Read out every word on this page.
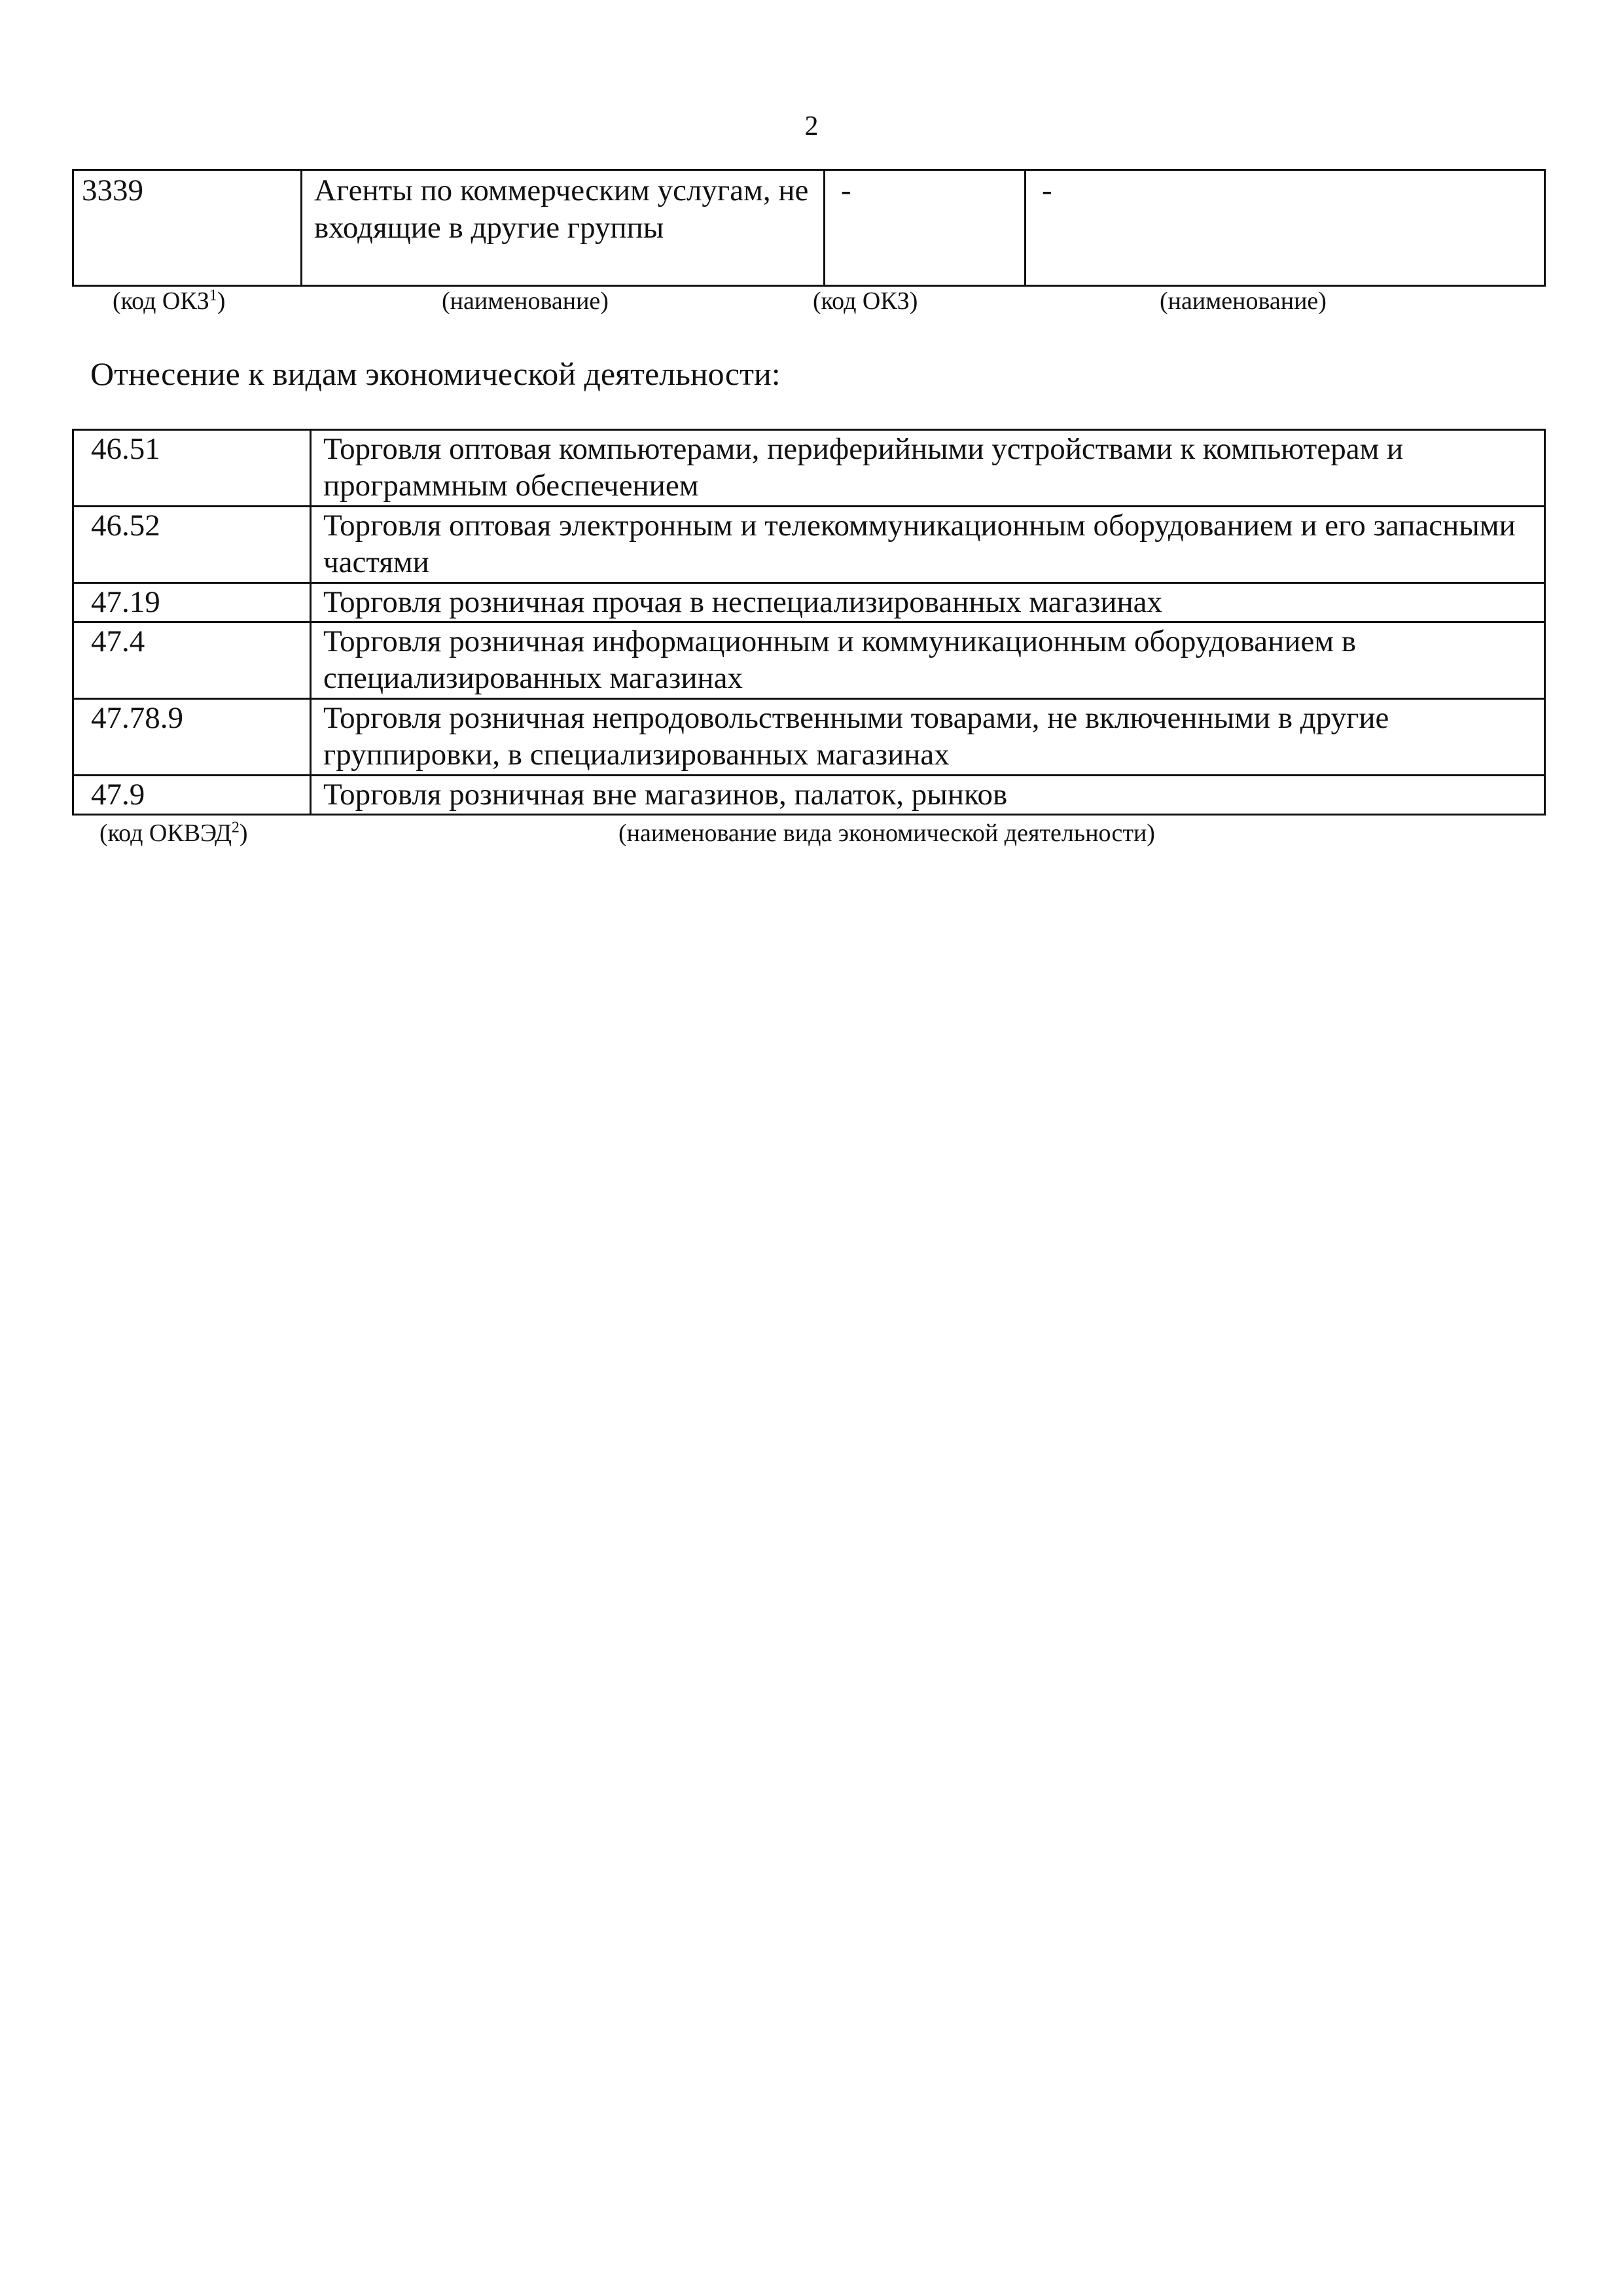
2
3339	Агенты по коммерческим услугам, не входящие в другие группы	-	-
(код ОКЗ$^1$)	(наименование)	(код ОКЗ)	(наименование)
Отнесение к видам экономической деятельности:
46.51	Торговля оптовая компьютерами, периферийными устройствами к компьютерам и программным обеспечением
46.52	Торговля оптовая электронным и телекоммуникационным оборудованием и его запасными частями
47.19	Торговля розничная прочая в неспециализированных магазинах
47.4	Торговля розничная информационным и коммуникационным оборудованием в специализированных магазинах
47.78.9	Торговля розничная непродовольственными товарами, не включенными в другие группировки, в специализированных магазинах
47.9	Торговля розничная вне магазинов, палаток, рынков
(код ОКВЭД$^2$)	(наименование вида экономической деятельности)
